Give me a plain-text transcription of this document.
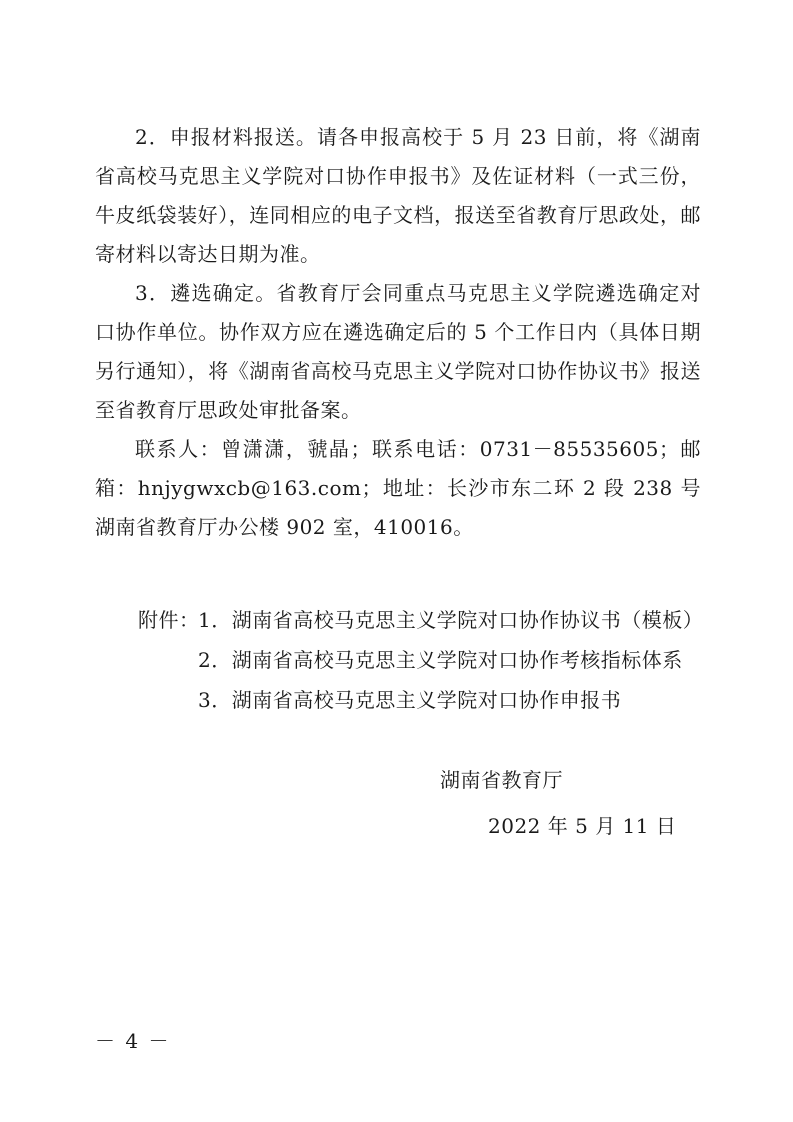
2．申报材料报送。请各申报高校于 5 月 23 日前，将《湖南省高校马克思主义学院对口协作申报书》及佐证材料（一式三份，牛皮纸袋装好），连同相应的电子文档，报送至省教育厅思政处，邮寄材料以寄达日期为准。

3．遴选确定。省教育厅会同重点马克思主义学院遴选确定对口协作单位。协作双方应在遴选确定后的 5 个工作日内（具体日期另行通知），将《湖南省高校马克思主义学院对口协作协议书》报送至省教育厅思政处审批备案。

联系人：曾潇潇，虢晶；联系电话：0731－85535605；邮箱：hnjygwxcb@163.com；地址：长沙市东二环 2 段 238 号湖南省教育厅办公楼 902 室，410016。

附件：
1． 湖南省高校马克思主义学院对口协作协议书（模板）
2． 湖南省高校马克思主义学院对口协作考核指标体系
3． 湖南省高校马克思主义学院对口协作申报书
湖南省教育厅
2022 年 5 月 11 日
－ 4 －
